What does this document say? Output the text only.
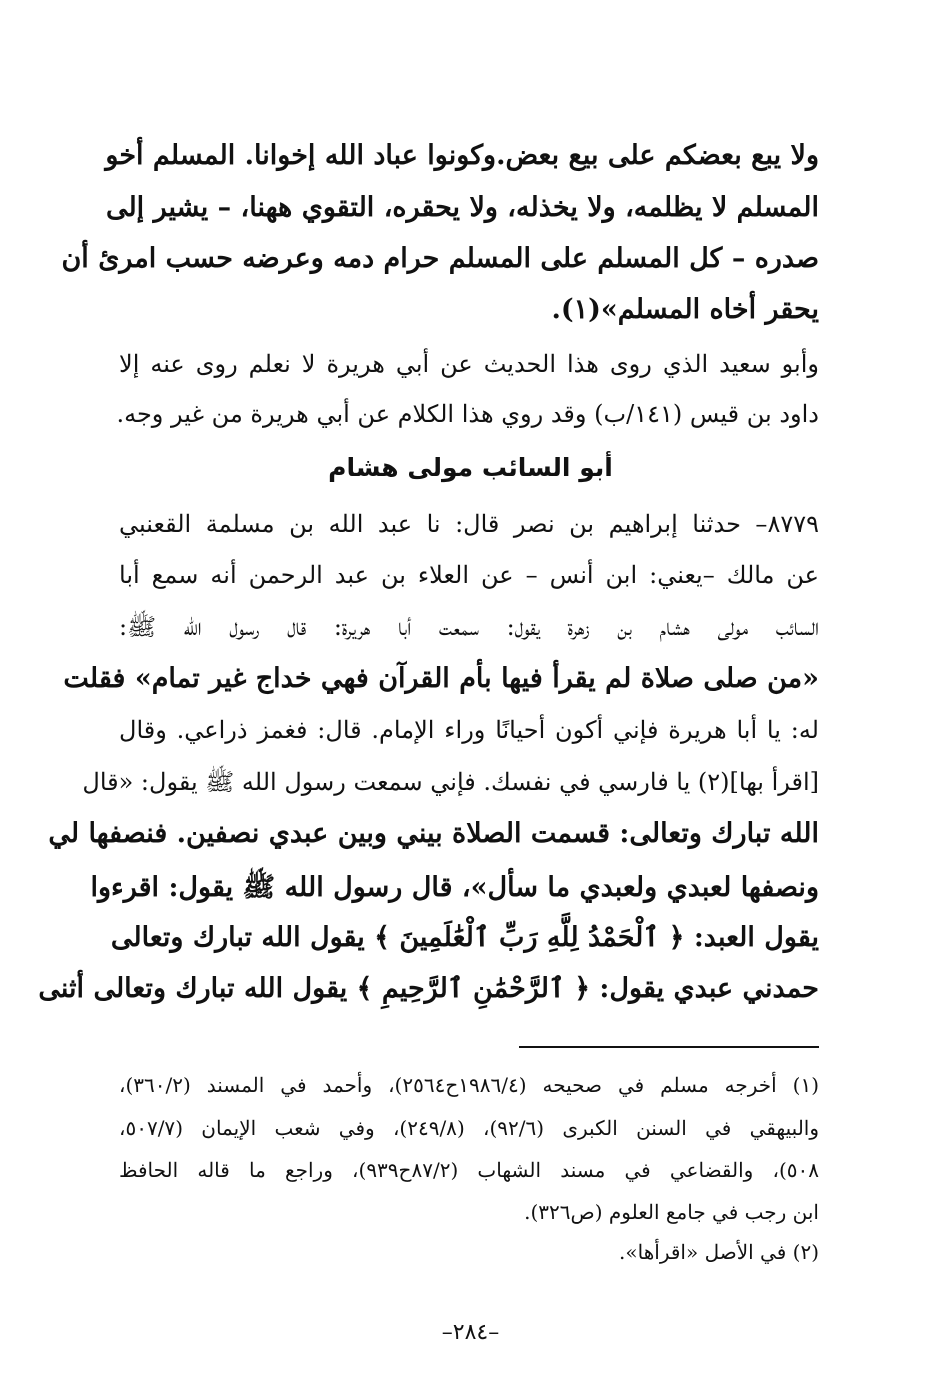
ولا يبع بعضكم على بيع بعض.وكونوا عباد الله إخوانا. المسلم أخو
المسلم لا يظلمه، ولا يخذله، ولا يحقره، التقوي ههنا، – يشير إلى
صدره – كل المسلم على المسلم حرام دمه وعرضه حسب امرئ أن
يحقر أخاه المسلم»(١).
وأبو سعيد الذي روى هذا الحديث عن أبي هريرة لا نعلم روى عنه إلا
داود بن قيس (١٤١/ب) وقد روي هذا الكلام عن أبي هريرة من غير وجه.
أبو السائب مولى هشام
٨٧٧٩– حدثنا إبراهيم بن نصر قال: نا عبد الله بن مسلمة القعنبي
عن مالك –يعني: ابن أنس – عن العلاء بن عبد الرحمن أنه سمع أبا
السائب مولى هشام بن زهرة يقول: سمعت أبا هريرة: قال رسول الله ﷺ:
«من صلى صلاة لم يقرأ فيها بأم القرآن فهي خداج غير تمام» فقلت
له: يا أبا هريرة فإني أكون أحيانًا وراء الإمام. قال: فغمز ذراعي. وقال
[اقرأ بها](٢) يا فارسي في نفسك. فإني سمعت رسول الله ﷺ يقول: «قال
الله تبارك وتعالى: قسمت الصلاة بيني وبين عبدي نصفين. فنصفها لي
ونصفها لعبدي ولعبدي ما سأل»، قال رسول الله ﷺ يقول: اقرءوا
يقول العبد: ﴿ ٱلْحَمْدُ لِلَّهِ رَبِّ ٱلْعَٰلَمِينَ ﴾ يقول الله تبارك وتعالى
حمدني عبدي يقول: ﴿ ٱلرَّحْمَٰنِ ٱلرَّحِيمِ ﴾ يقول الله تبارك وتعالى أثنى
(١) أخرجه مسلم في صحيحه (١٩٨٦/٤ح٢٥٦٤)، وأحمد في المسند (٣٦٠/٢)،
والبيهقي في السنن الكبرى (٩٢/٦)، (٢٤٩/٨)، وفي شعب الإيمان (٥٠٧/٧،
٥٠٨)، والقضاعي في مسند الشهاب (٨٧/٢ح٩٣٩)، وراجع ما قاله الحافظ
ابن رجب في جامع العلوم (ص٣٢٦).
(٢) في الأصل «اقرأها».
–٢٨٤–
